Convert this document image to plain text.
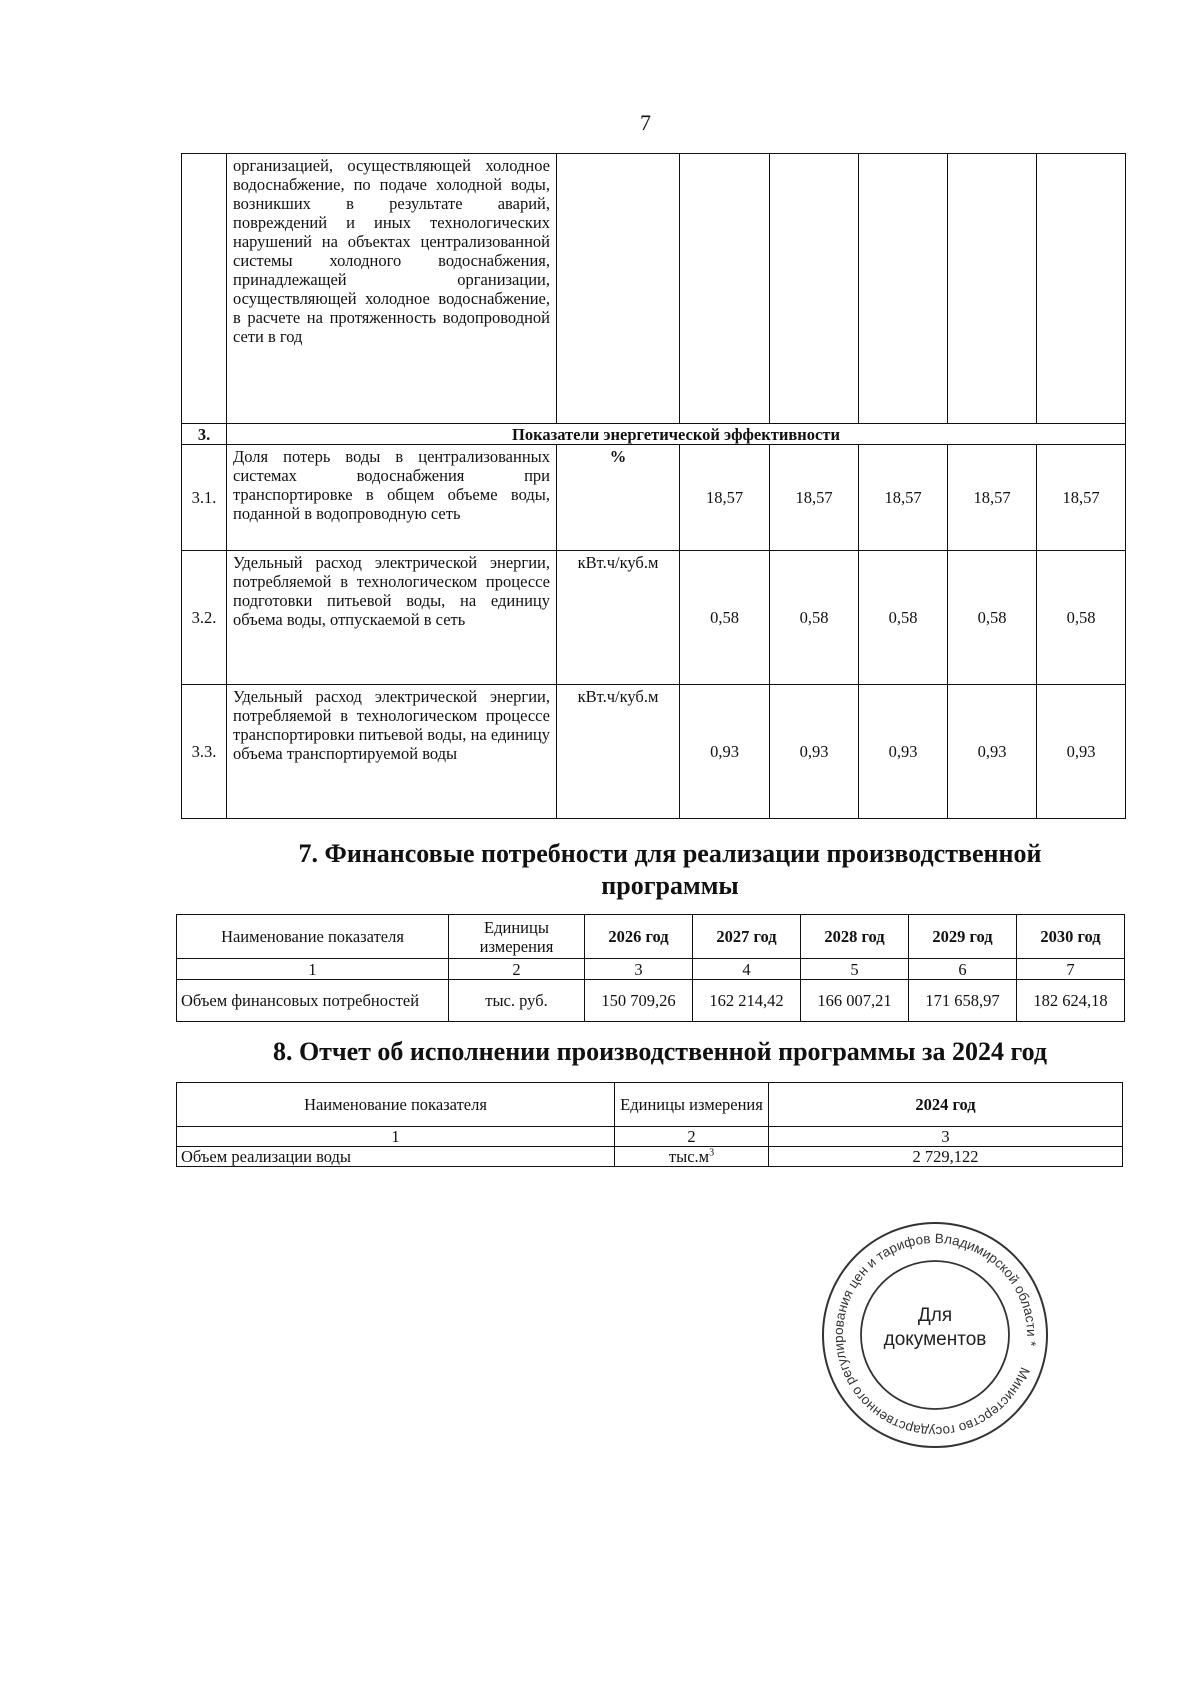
7
	организацией, осуществляющей холодное водоснабжение, по подаче холодной воды, возникших в результате аварий, повреждений и иных технологических нарушений на объектах централизованной системы холодного водоснабжения, принадлежащей организации, осуществляющей холодное водоснабжение, в расчете на протяженность водопроводной сети в год						
3.	Показатели энергетической эффективности						
3.1.	Доля потерь воды в централизованных системах водоснабжения при транспортировке в общем объеме воды, поданной в водопроводную сеть	%	18,57	18,57	18,57	18,57	18,57
3.2.	Удельный расход электрической энергии, потребляемой в технологическом процессе подготовки питьевой воды, на единицу объема воды, отпускаемой в сеть	кВт.ч/куб.м	0,58	0,58	0,58	0,58	0,58
3.3.	Удельный расход электрической энергии, потребляемой в технологическом процессе транспортировки питьевой воды, на единицу объема транспортируемой воды	кВт.ч/куб.м	0,93	0,93	0,93	0,93	0,93
7. Финансовые потребности для реализации производственной программы
Наименование показателя	Единицы измерения	2026 год	2027 год	2028 год	2029 год	2030 год
1	2	3	4	5	6	7
Объем финансовых потребностей	тыс. руб.	150 709,26	162 214,42	166 007,21	171 658,97	182 624,18
8. Отчет об исполнении производственной программы за 2024 год
Наименование показателя	Единицы измерения	2024 год
1	2	3
Объем реализации воды	$тыс.м^3$	2 729,122
Министерство государственного регулирования цен и тарифов Владимирской области *
Для
документов
